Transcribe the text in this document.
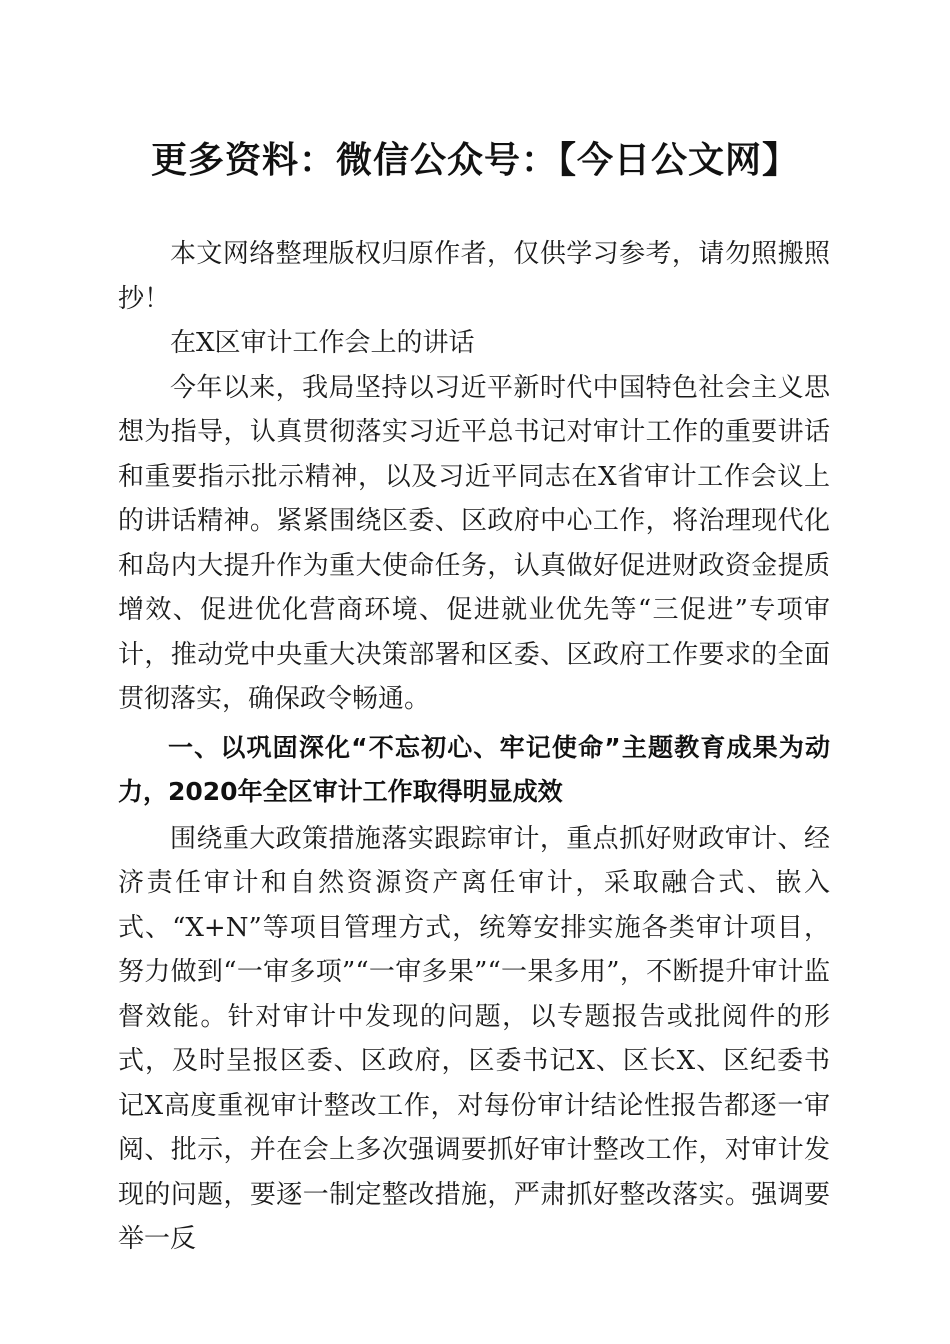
更多资料：微信公众号：【今日公文网】

本文网络整理版权归原作者，仅供学习参考，请勿照搬照抄！

在X区审计工作会上的讲话

今年以来，我局坚持以习近平新时代中国特色社会主义思想为指导，认真贯彻落实习近平总书记对审计工作的重要讲话和重要指示批示精神，以及习近平同志在X省审计工作会议上的讲话精神。紧紧围绕区委、区政府中心工作，将治理现代化和岛内大提升作为重大使命任务，认真做好促进财政资金提质增效、促进优化营商环境、促进就业优先等“三促进”专项审计，推动党中央重大决策部署和区委、区政府工作要求的全面贯彻落实，确保政令畅通。

一、以巩固深化“不忘初心、牢记使命”主题教育成果为动力，2020年全区审计工作取得明显成效

围绕重大政策措施落实跟踪审计，重点抓好财政审计、经济责任审计和自然资源资产离任审计，采取融合式、嵌入式、“X+N”等项目管理方式，统筹安排实施各类审计项目，努力做到“一审多项”“一审多果”“一果多用”，不断提升审计监督效能。针对审计中发现的问题，以专题报告或批阅件的形式，及时呈报区委、区政府，区委书记X、区长X、区纪委书记X高度重视审计整改工作，对每份审计结论性报告都逐一审阅、批示，并在会上多次强调要抓好审计整改工作，对审计发现的问题，要逐一制定整改措施，严肃抓好整改落实。强调要举一反
